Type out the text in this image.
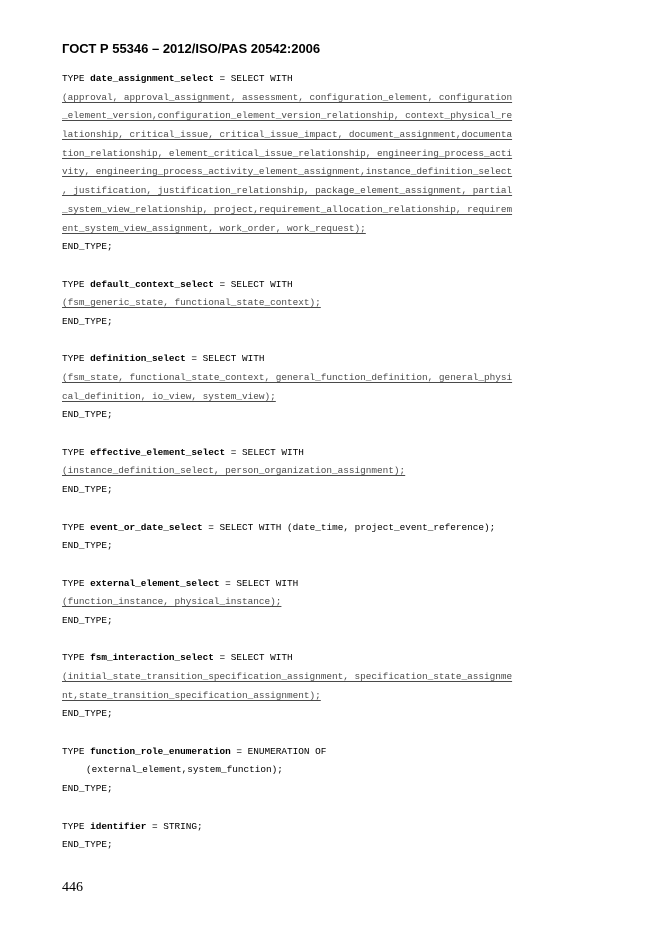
ГОСТ Р 55346 – 2012/ISO/PAS 20542:2006
TYPE date_assignment_select = SELECT WITH
(approval, approval_assignment, assessment, configuration_element, configuration
_element_version,configuration_element_version_relationship, context_physical_re
lationship, critical_issue, critical_issue_impact, document_assignment,documenta
tion_relationship, element_critical_issue_relationship, engineering_process_acti
vity, engineering_process_activity_element_assignment,instance_definition_select
, justification, justification_relationship, package_element_assignment, partial
_system_view_relationship, project,requirement_allocation_relationship, requirem
ent_system_view_assignment, work_order, work_request);
END_TYPE;
TYPE default_context_select = SELECT WITH
(fsm_generic_state, functional_state_context);
END_TYPE;
TYPE definition_select = SELECT WITH
(fsm_state, functional_state_context, general_function_definition, general_physi
cal_definition, io_view, system_view);
END_TYPE;
TYPE effective_element_select = SELECT WITH
(instance_definition_select, person_organization_assignment);
END_TYPE;
TYPE event_or_date_select = SELECT WITH (date_time, project_event_reference);
END_TYPE;
TYPE external_element_select = SELECT WITH
(function_instance, physical_instance);
END_TYPE;
TYPE fsm_interaction_select = SELECT WITH
(initial_state_transition_specification_assignment, specification_state_assignme
nt,state_transition_specification_assignment);
END_TYPE;
TYPE function_role_enumeration = ENUMERATION OF
(external_element,system_function);
END_TYPE;
TYPE identifier = STRING;
END_TYPE;
446
